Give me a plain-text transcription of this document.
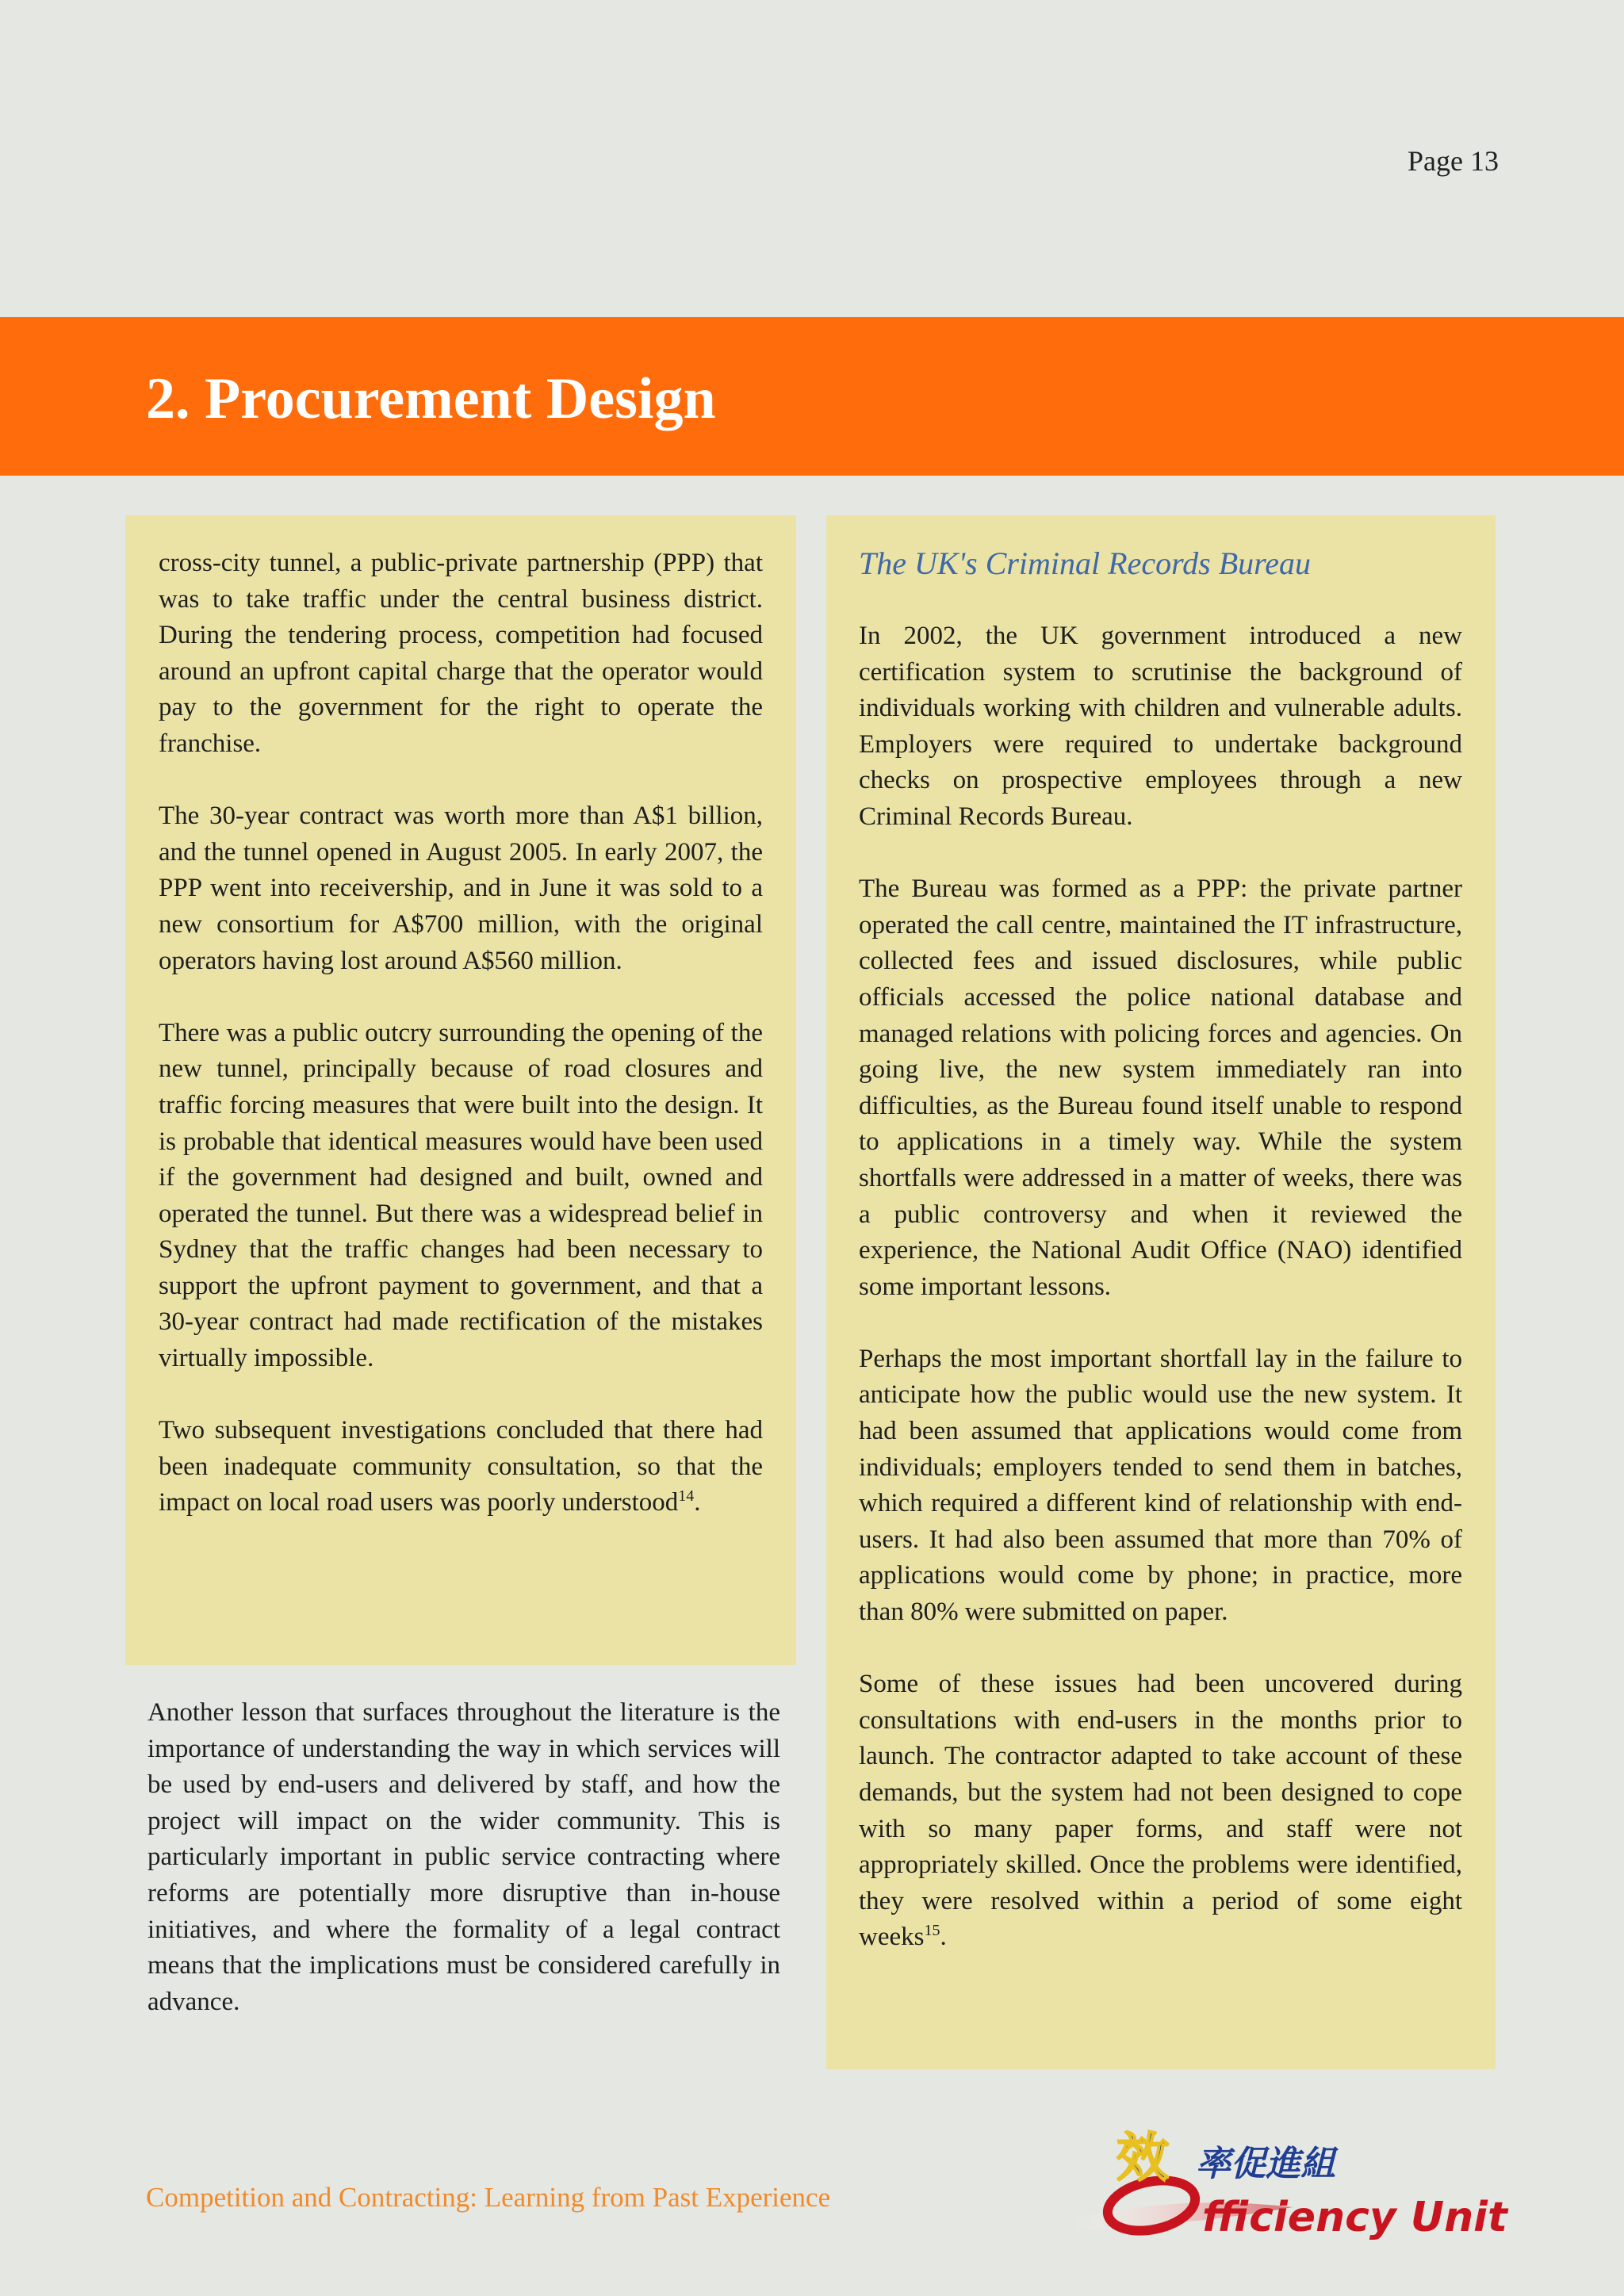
Page 13
2. Procurement Design

cross-city tunnel, a public-private partnership (PPP) that was to take traffic under the central business district. During the tendering process, competition had focused around an upfront capital charge that the operator would pay to the government for the right to operate the franchise.

The 30-year contract was worth more than A$1 billion, and the tunnel opened in August 2005. In early 2007, the PPP went into receivership, and in June it was sold to a new consortium for A$700 million, with the original operators having lost around A$560 million.

There was a public outcry surrounding the opening of the new tunnel, principally because of road closures and traffic forcing measures that were built into the design. It is probable that identical measures would have been used if the government had designed and built, owned and operated the tunnel. But there was a widespread belief in Sydney that the traffic changes had been necessary to support the upfront payment to government, and that a 30-year contract had made rectification of the mistakes virtually impossible.

Two subsequent investigations concluded that there had been inadequate community consultation, so that the impact on local road users was poorly understood$^{14}$.

Another lesson that surfaces throughout the literature is the importance of understanding the way in which services will be used by end-users and delivered by staff, and how the project will impact on the wider community. This is particularly important in public service contracting where reforms are potentially more disruptive than in-house initiatives, and where the formality of a legal contract means that the implications must be considered carefully in advance.

The UK's Criminal Records Bureau

In 2002, the UK government introduced a new certification system to scrutinise the background of individuals working with children and vulnerable adults. Employers were required to undertake background checks on prospective employees through a new Criminal Records Bureau.

The Bureau was formed as a PPP: the private partner operated the call centre, maintained the IT infrastructure, collected fees and issued disclosures, while public officials accessed the police national database and managed relations with policing forces and agencies. On going live, the new system immediately ran into difficulties, as the Bureau found itself unable to respond to applications in a timely way. While the system shortfalls were addressed in a matter of weeks, there was a public controversy and when it reviewed the experience, the National Audit Office (NAO) identified some important lessons.

Perhaps the most important shortfall lay in the failure to anticipate how the public would use the new system. It had been assumed that applications would come from individuals; employers tended to send them in batches, which required a different kind of relationship with end-users. It had also been assumed that more than 70% of applications would come by phone; in practice, more than 80% were submitted on paper.

Some of these issues had been uncovered during consultations with end-users in the months prior to launch. The contractor adapted to take account of these demands, but the system had not been designed to cope with so many paper forms, and staff were not appropriately skilled. Once the problems were identified, they were resolved within a period of some eight weeks$^{15}$.

Competition and Contracting: Learning from Past Experience
效 率促進組
fficiency Unit
